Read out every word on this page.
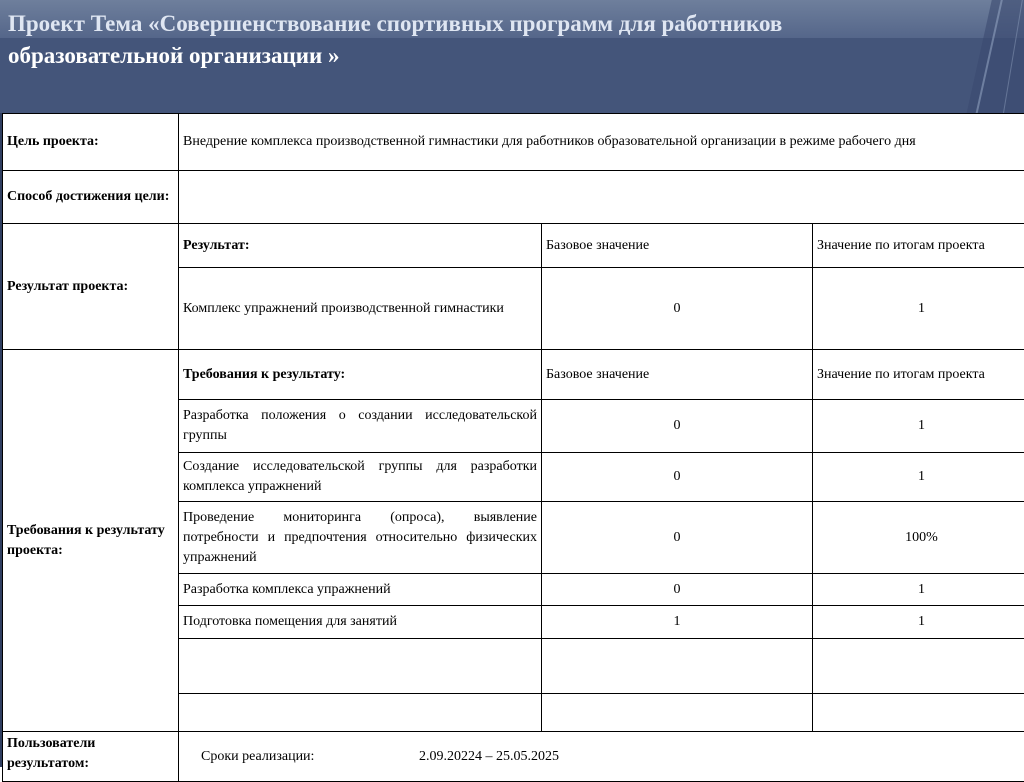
Проект Тема «Совершенствование спортивных программ для работников
образовательной организации »
Цель проекта:	Внедрение комплекса производственной гимнастики для работников образовательной организации в режиме рабочего дня		
Способ достижения цели:			
Результат проекта:	Результат:	Базовое значение	Значение по итогам проекта
	Комплекс упражнений производственной гимнастики	0	1
Требования к результату проекта:	Требования к результату:	Базовое значение	Значение по итогам проекта
	Разработка положения о создании исследовательской группы	0	1
	Создание исследовательской группы для разработки комплекса упражнений	0	1
	Проведение мониторинга (опроса), выявление потребности и предпочтения относительно физических упражнений	0	100%
	Разработка комплекса упражнений	0	1
	Подготовка помещения для занятий	1	1

Пользователи результатом:	Сроки реализации: 2.09.20224 – 25.05.2025		
